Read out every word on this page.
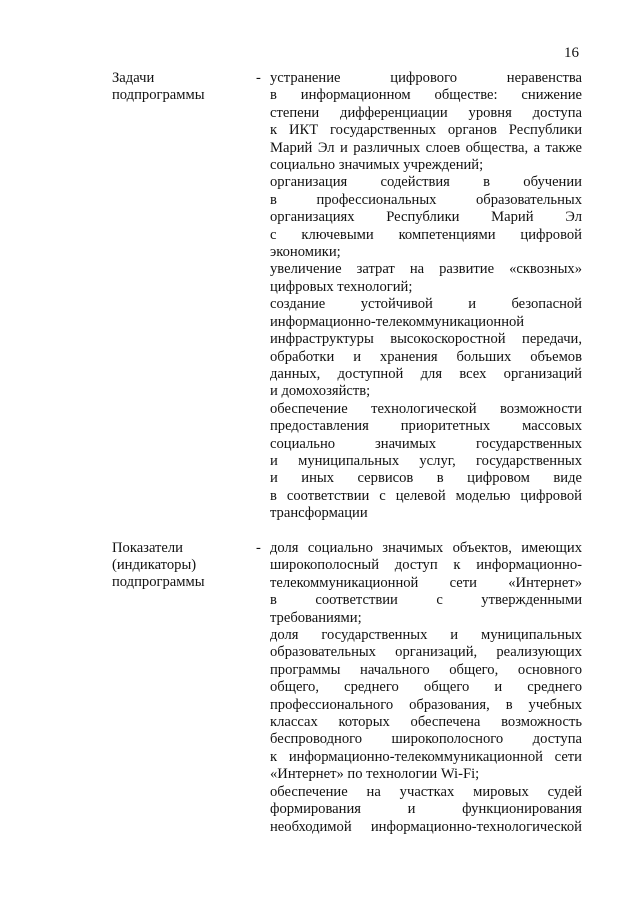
16
Задачи
подпрограммы
- устранение цифрового неравенства
в информационном обществе: снижение
степени дифференциации уровня доступа
к ИКТ государственных органов Республики
Марий Эл и различных слоев общества, а также
социально значимых учреждений;
организация содействия в обучении
в профессиональных образовательных
организациях Республики Марий Эл
с ключевыми компетенциями цифровой
экономики;
увеличение затрат на развитие «сквозных»
цифровых технологий;
создание устойчивой и безопасной
информационно-телекоммуникационной
инфраструктуры высокоскоростной передачи,
обработки и хранения больших объемов
данных, доступной для всех организаций
и домохозяйств;
обеспечение технологической возможности
предоставления приоритетных массовых
социально значимых государственных
и муниципальных услуг, государственных
и иных сервисов в цифровом виде
в соответствии с целевой моделью цифровой
трансформации
Показатели
(индикаторы)
подпрограммы
- доля социально значимых объектов, имеющих
широкополосный доступ к информационно-
телекоммуникационной сети «Интернет»
в соответствии с утвержденными
требованиями;
доля государственных и муниципальных
образовательных организаций, реализующих
программы начального общего, основного
общего, среднего общего и среднего
профессионального образования, в учебных
классах которых обеспечена возможность
беспроводного широкополосного доступа
к информационно-телекоммуникационной сети
«Интернет» по технологии Wi-Fi;
обеспечение на участках мировых судей
формирования и функционирования
необходимой информационно-технологической
